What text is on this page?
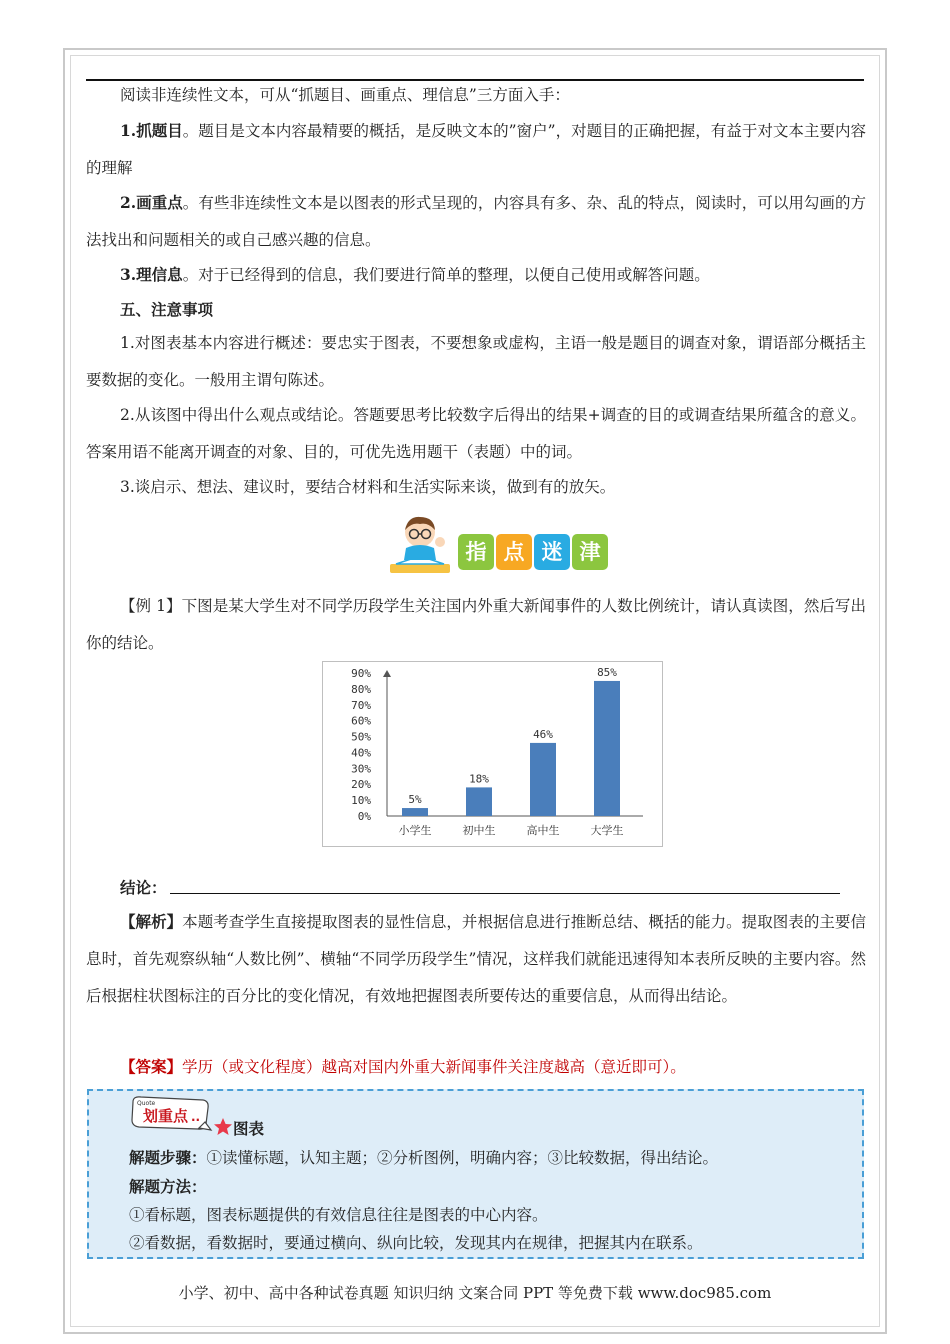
阅读非连续性文本，可从“抓题目、画重点、理信息”三方面入手：

1.抓题目。题目是文本内容最精要的概括，是反映文本的”窗户”，对题目的正确把握，有益于对文本主要内容的理解

2.画重点。有些非连续性文本是以图表的形式呈现的，内容具有多、杂、乱的特点，阅读时，可以用勾画的方法找出和问题相关的或自己感兴趣的信息。

3.理信息。对于已经得到的信息，我们要进行简单的整理，以便自己使用或解答问题。

五、注意事项

1.对图表基本内容进行概述：要忠实于图表，不要想象或虚构，主语一般是题目的调查对象，谓语部分概括主要数据的变化。一般用主谓句陈述。

2.从该图中得出什么观点或结论。答题要思考比较数字后得出的结果+调查的目的或调查结果所蕴含的意义。答案用语不能离开调查的对象、目的，可优先选用题干（表题）中的词。

3.谈启示、想法、建议时，要结合材料和生活实际来谈，做到有的放矢。

指 点 迷 津

【例 1】下图是某大学生对不同学历段学生关注国内外重大新闻事件的人数比例统计，请认真读图，然后写出你的结论。

0%
10%
20%
30%
40%
50%
60%
70%
80%
90%
5%
小学生
18%
初中生
46%
高中生
85%
大学生
结论：

【解析】本题考查学生直接提取图表的显性信息，并根据信息进行推断总结、概括的能力。提取图表的主要信息时，首先观察纵轴“人数比例”、横轴“不同学历段学生”情况，这样我们就能迅速得知本表所反映的主要内容。然后根据柱状图标注的百分比的变化情况，有效地把握图表所要传达的重要信息，从而得出结论。

【答案】学历（或文化程度）越高对国内外重大新闻事件关注度越高（意近即可）。
Quote
划重点 ..
图表
解题步骤：①读懂标题，认知主题；②分析图例，明确内容；③比较数据，得出结论。
解题方法：
①看标题，图表标题提供的有效信息往往是图表的中心内容。
②看数据，看数据时，要通过横向、纵向比较，发现其内在规律，把握其内在联系。
小学、初中、高中各种试卷真题 知识归纳 文案合同 PPT 等免费下载 www.doc985.com
